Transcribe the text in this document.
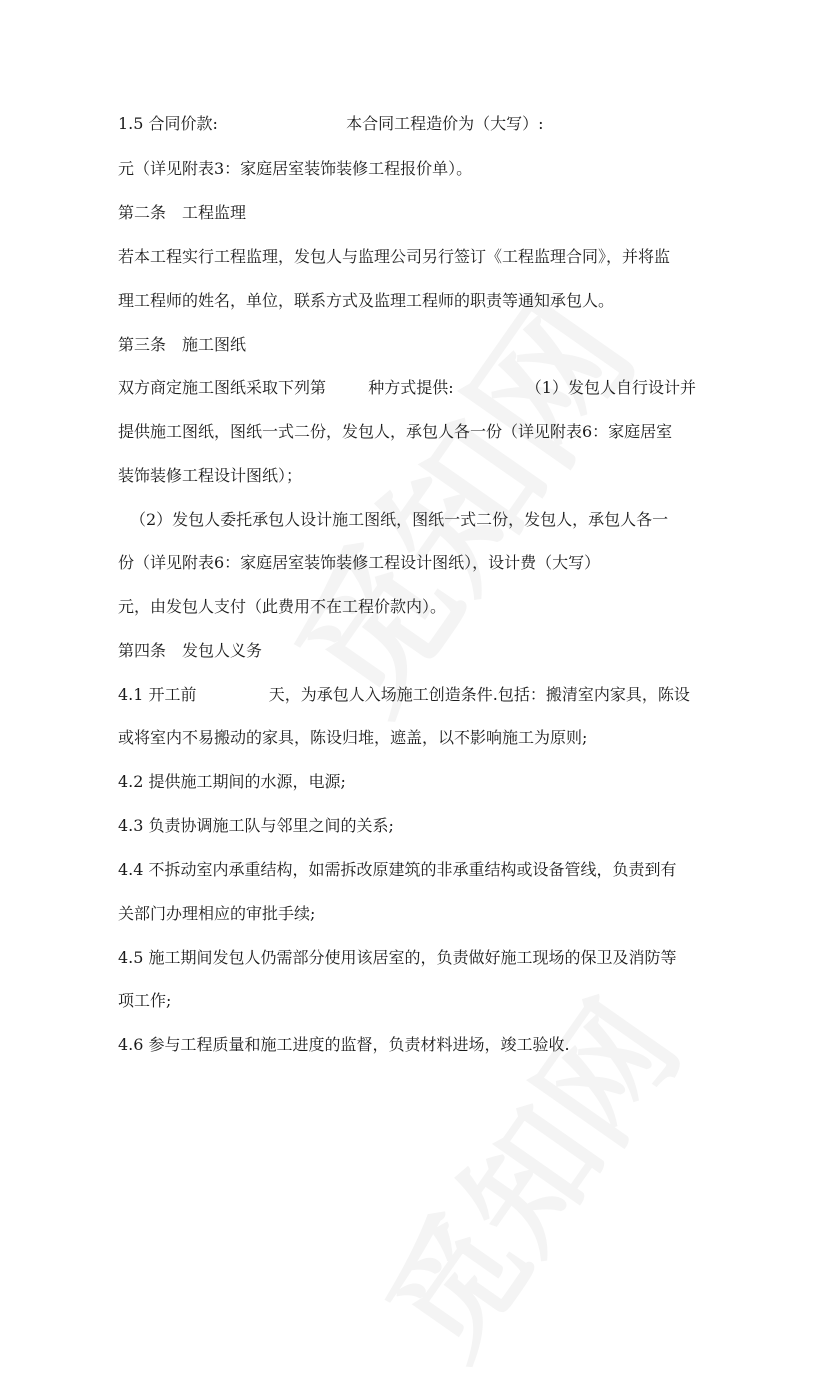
1.5 合同价款:	本合同工程造价为（大写）:
元（详见附表3：家庭居室装饰装修工程报价单）。
第二条　工程监理
若本工程实行工程监理，发包人与监理公司另行签订《工程监理合同》，并将监
理工程师的姓名，单位，联系方式及监理工程师的职责等通知承包人。
第三条　施工图纸
双方商定施工图纸采取下列第	种方式提供:	（1）发包人自行设计并
提供施工图纸，图纸一式二份，发包人，承包人各一份（详见附表6：家庭居室
装饰装修工程设计图纸）；
（2）发包人委托承包人设计施工图纸，图纸一式二份，发包人，承包人各一
份（详见附表6：家庭居室装饰装修工程设计图纸），设计费（大写）
元，由发包人支付（此费用不在工程价款内）。
第四条　发包人义务
4.1 开工前	天，为承包人入场施工创造条件.包括：搬清室内家具，陈设
或将室内不易搬动的家具，陈设归堆，遮盖，以不影响施工为原则;
4.2 提供施工期间的水源，电源;
4.3 负责协调施工队与邻里之间的关系;
4.4 不拆动室内承重结构，如需拆改原建筑的非承重结构或设备管线，负责到有
关部门办理相应的审批手续;
4.5 施工期间发包人仍需部分使用该居室的，负责做好施工现场的保卫及消防等
项工作;
4.6 参与工程质量和施工进度的监督，负责材料进场，竣工验收.
